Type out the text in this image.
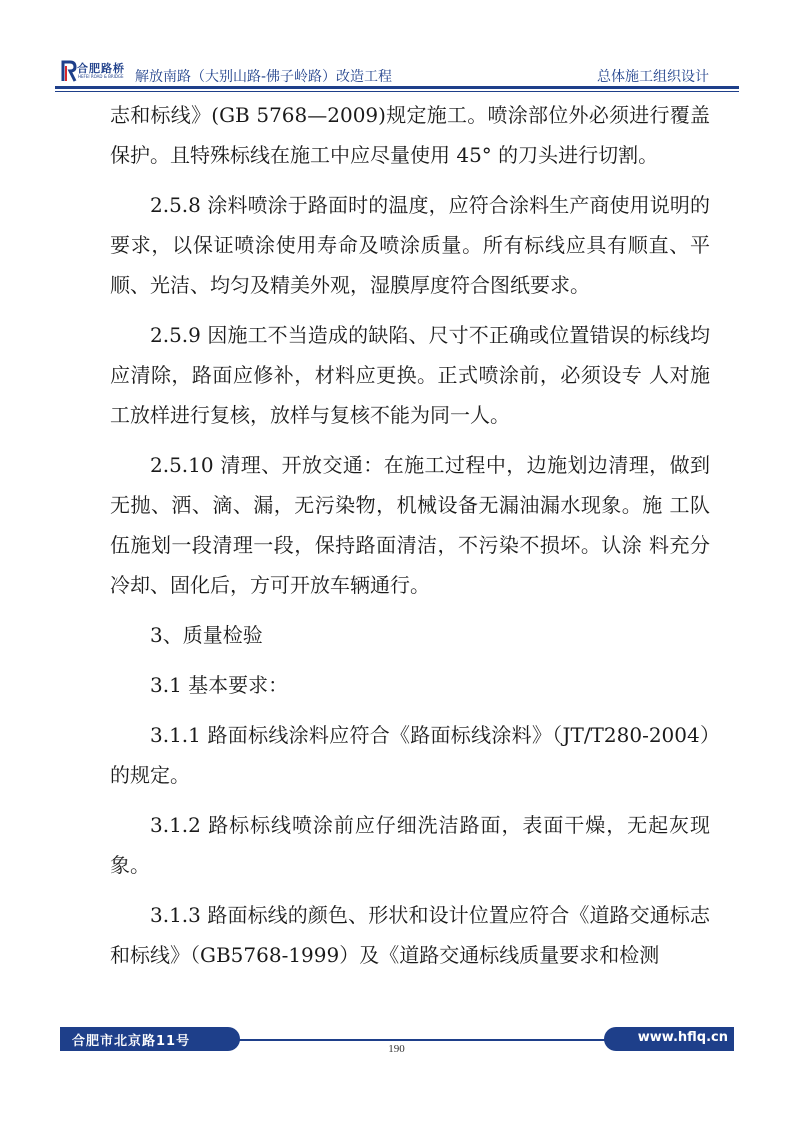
合肥路桥
HEFEI ROAD & BRIDGE 解放南路（大别山路-佛子岭路）改造工程	总体施工组织设计

志和标线》(GB 5768—2009)规定施工。喷涂部位外必须进行覆盖保护。且特殊标线在施工中应尽量使用 45° 的刀头进行切割。

2.5.8 涂料喷涂于路面时的温度，应符合涂料生产商使用说明的要求，以保证喷涂使用寿命及喷涂质量。所有标线应具有顺直、平顺、光洁、均匀及精美外观，湿膜厚度符合图纸要求。

2.5.9 因施工不当造成的缺陷、尺寸不正确或位置错误的标线均应清除，路面应修补，材料应更换。正式喷涂前，必须设专 人对施工放样进行复核，放样与复核不能为同一人。

2.5.10 清理、开放交通：在施工过程中，边施划边清理，做到无抛、洒、滴、漏，无污染物，机械设备无漏油漏水现象。施 工队伍施划一段清理一段，保持路面清洁，不污染不损坏。认涂 料充分冷却、固化后，方可开放车辆通行。

3、质量检验

3.1 基本要求：

3.1.1 路面标线涂料应符合《路面标线涂料》（JT/T280-2004）的规定。

3.1.2 路标标线喷涂前应仔细洗洁路面，表面干燥，无起灰现象。

3.1.3 路面标线的颜色、形状和设计位置应符合《道路交通标志和标线》（GB5768-1999）及《道路交通标线质量要求和检测

合肥市北京路11号	www.hflq.cn
190
